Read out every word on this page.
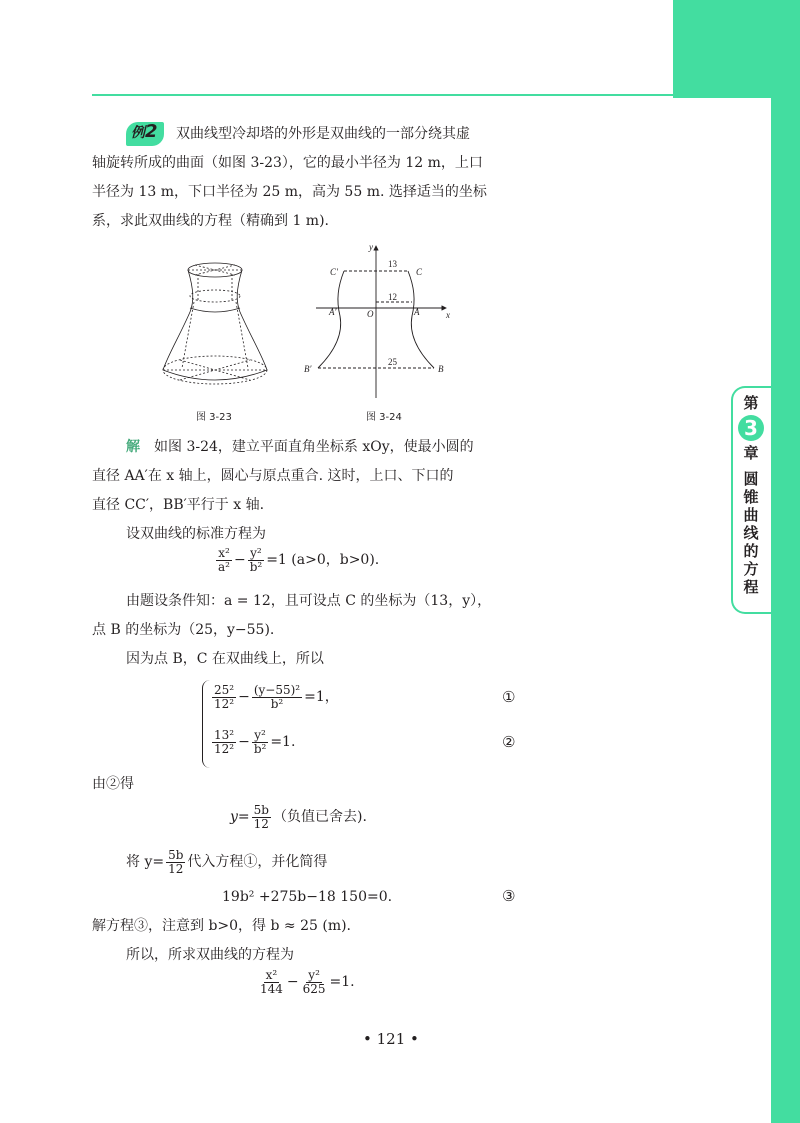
第
3
章
圆
锥
曲
线
的
方
程
例2 双曲线型冷却塔的外形是双曲线的一部分绕其虚
轴旋转所成的曲面（如图 3-23），它的最小半径为 12 m，上口
半径为 13 m，下口半径为 25 m，高为 55 m. 选择适当的坐标
系，求此双曲线的方程（精确到 1 m).
图 3-23
y
x
O
C′	C
A′	A
B′	B
13
12
25
图 3-24
解 如图 3-24，建立平面直角坐标系 xOy，使最小圆的
直径 AA′在 x 轴上，圆心与原点重合. 这时，上口、下口的
直径 CC′，BB′平行于 x 轴.
设双曲线的标准方程为
$\frac{\text{x²}}{\text{a²}} - \frac{\text{y²}}{\text{b²}} =1$ (a>0，b>0).
由题设条件知：a = 12，且可设点 C 的坐标为（13，y），
点 B 的坐标为（25，y−55).
因为点 B，C 在双曲线上，所以
$\frac{\text{25²}}{\text{12²}} - \frac{\text{(y−55)²}}{\text{b²}} =1$，	①
$\frac{\text{13²}}{\text{12²}} - \frac{\text{y²}}{\text{b²}} =1$.	②
由②得
$y= \frac{5b}{12}$ （负值已舍去).
将 $y= \frac{5b}{12}$ 代入方程①，并化简得
19b² +275b−18 150=0.	③
解方程③，注意到 b>0，得 b ≈ 25 (m).
所以，所求双曲线的方程为
$\frac{\text{x²}}{144} - \frac{\text{y²}}{625} =1$.
• 121 •
